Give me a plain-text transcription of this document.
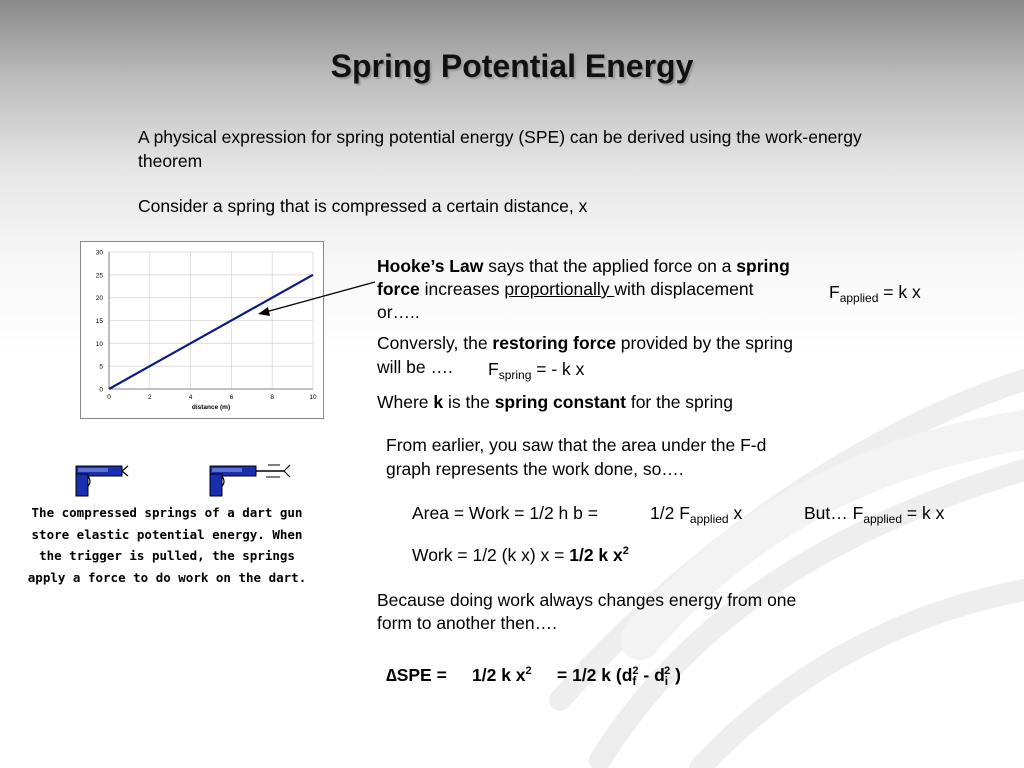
Spring Potential Energy
A physical expression for spring potential energy (SPE) can be derived using the work-energy theorem
Consider a spring that is compressed a certain distance, x
0
5
10
15
20
25
30
0	2	4	6	8	10
distance (m)
Hooke’s Law says that the applied force on a spring
force increases proportionally with displacement
or…..
$F_{applied} = k$ x
Conversly, the restoring force provided by the spring
will be …. $F_{spring}$ = - k x
Where k is the spring constant for the spring
From earlier, you saw that the area under the F-d
graph represents the work done, so….
Area = Work = 1/2 h b =	1/2 $F_{applied}$ x	But… $F_{applied} = k$ x
Work = 1/2 (k x) x = 1/2 k $x^2$
Because doing work always changes energy from one
form to another then….
∆SPE = 1/2 k $x^2 = 1/2$ k ($d_f^2 - d_i^2$ )
The compressed springs of a dart gun store elastic potential energy. When the trigger is pulled, the springs apply a force to do work on the dart.
